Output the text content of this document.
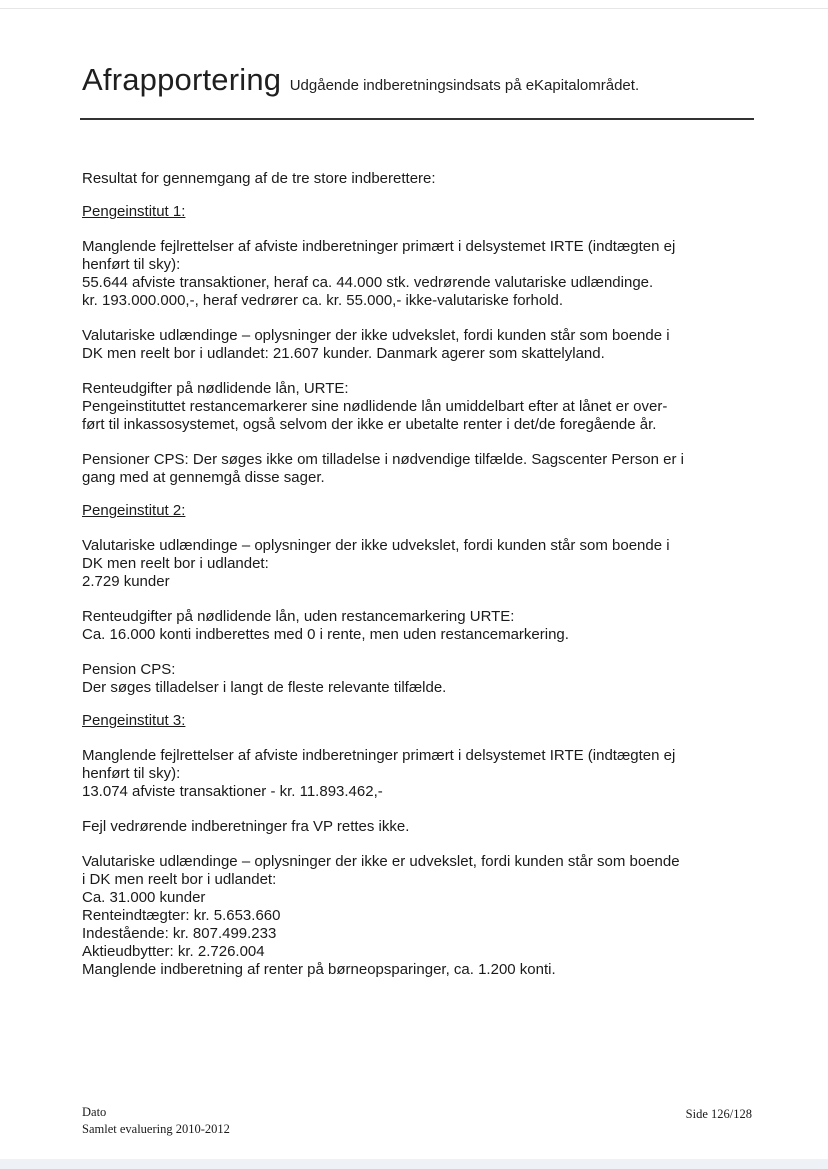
Afrapportering Udgående indberetningsindsats på eKapitalområdet.

Resultat for gennemgang af de tre store indberettere:

Pengeinstitut 1:

Manglende fejlrettelser af afviste indberetninger primært i delsystemet IRTE (indtægten ej
henført til sky):
55.644 afviste transaktioner, heraf ca. 44.000 stk. vedrørende valutariske udlændinge.
kr. 193.000.000,-, heraf vedrører ca. kr. 55.000,- ikke-valutariske forhold.

Valutariske udlændinge – oplysninger der ikke udvekslet, fordi kunden står som boende i
DK men reelt bor i udlandet: 21.607 kunder. Danmark agerer som skattelyland.

Renteudgifter på nødlidende lån, URTE:
Pengeinstituttet restancemarkerer sine nødlidende lån umiddelbart efter at lånet er over-
ført til inkassosystemet, også selvom der ikke er ubetalte renter i det/de foregående år.

Pensioner CPS: Der søges ikke om tilladelse i nødvendige tilfælde. Sagscenter Person er i
gang med at gennemgå disse sager.

Pengeinstitut 2:

Valutariske udlændinge – oplysninger der ikke udvekslet, fordi kunden står som boende i
DK men reelt bor i udlandet:
2.729 kunder

Renteudgifter på nødlidende lån, uden restancemarkering URTE:
Ca. 16.000 konti indberettes med 0 i rente, men uden restancemarkering.

Pension CPS:
Der søges tilladelser i langt de fleste relevante tilfælde.

Pengeinstitut 3:

Manglende fejlrettelser af afviste indberetninger primært i delsystemet IRTE (indtægten ej
henført til sky):
13.074 afviste transaktioner - kr. 11.893.462,-

Fejl vedrørende indberetninger fra VP rettes ikke.

Valutariske udlændinge – oplysninger der ikke er udvekslet, fordi kunden står som boende
i DK men reelt bor i udlandet:
Ca. 31.000 kunder
Renteindtægter: kr. 5.653.660
Indestående: kr. 807.499.233
Aktieudbytter: kr. 2.726.004
Manglende indberetning af renter på børneopsparinger, ca. 1.200 konti.

Dato
Samlet evaluering 2010-2012
Side 126/128
